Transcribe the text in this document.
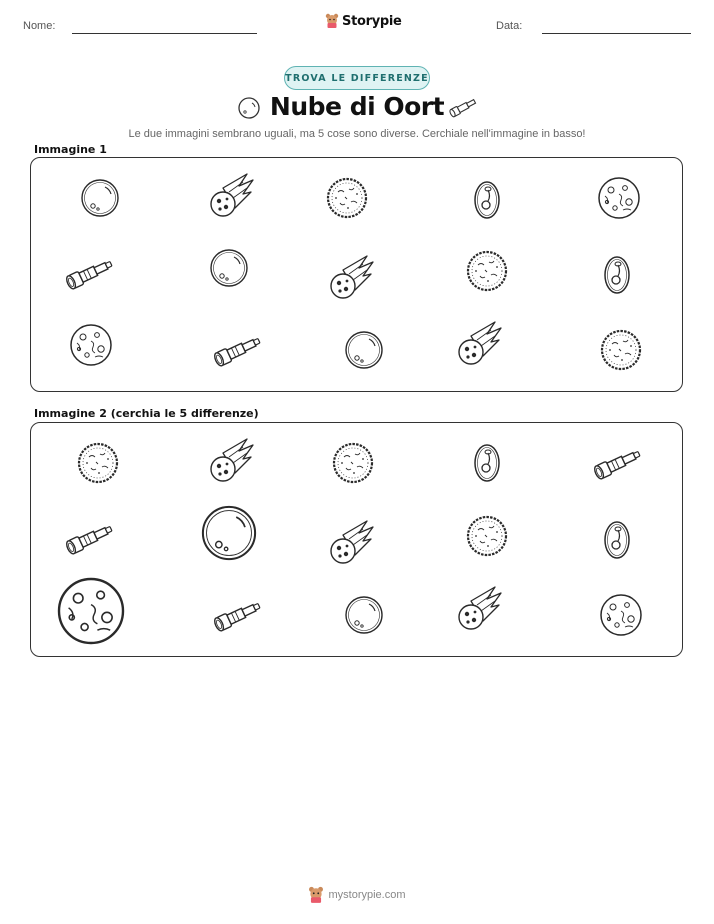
Nome:	Storypie	Data:
TROVA LE DIFFERENZE
Nube di Oort
Le due immagini sembrano uguali, ma 5 cose sono diverse. Cerchiale nell'immagine in basso!
Immagine 1
Immagine 2 (cerchia le 5 differenze)
mystorypie.com
